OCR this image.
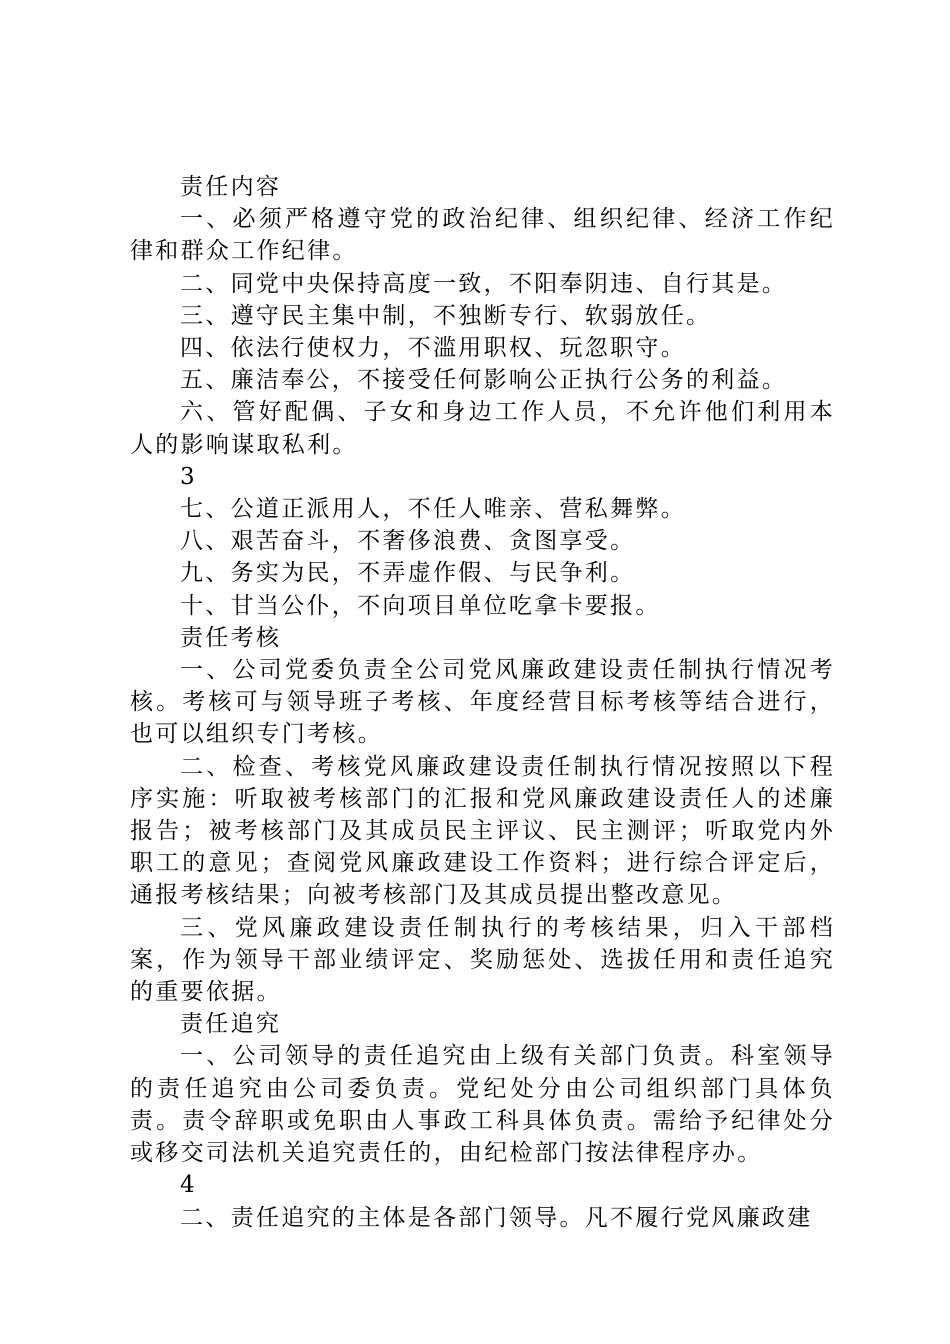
责任内容

一、必须严格遵守党的政治纪律、组织纪律、经济工作纪律和群众工作纪律。

二、同党中央保持高度一致，不阳奉阴违、自行其是。

三、遵守民主集中制，不独断专行、软弱放任。

四、依法行使权力，不滥用职权、玩忽职守。

五、廉洁奉公，不接受任何影响公正执行公务的利益。

六、管好配偶、子女和身边工作人员，不允许他们利用本人的影响谋取私利。

3

七、公道正派用人，不任人唯亲、营私舞弊。

八、艰苦奋斗，不奢侈浪费、贪图享受。

九、务实为民，不弄虚作假、与民争利。

十、甘当公仆，不向项目单位吃拿卡要报。

责任考核

一、公司党委负责全公司党风廉政建设责任制执行情况考核。考核可与领导班子考核、年度经营目标考核等结合进行，也可以组织专门考核。

二、检查、考核党风廉政建设责任制执行情况按照以下程序实施：听取被考核部门的汇报和党风廉政建设责任人的述廉报告；被考核部门及其成员民主评议、民主测评；听取党内外职工的意见；查阅党风廉政建设工作资料；进行综合评定后，通报考核结果；向被考核部门及其成员提出整改意见。

三、党风廉政建设责任制执行的考核结果，归入干部档案，作为领导干部业绩评定、奖励惩处、选拔任用和责任追究的重要依据。

责任追究

一、公司领导的责任追究由上级有关部门负责。科室领导的责任追究由公司委负责。党纪处分由公司组织部门具体负责。责令辞职或免职由人事政工科具体负责。需给予纪律处分或移交司法机关追究责任的，由纪检部门按法律程序办。

4

二、责任追究的主体是各部门领导。凡不履行党风廉政建
